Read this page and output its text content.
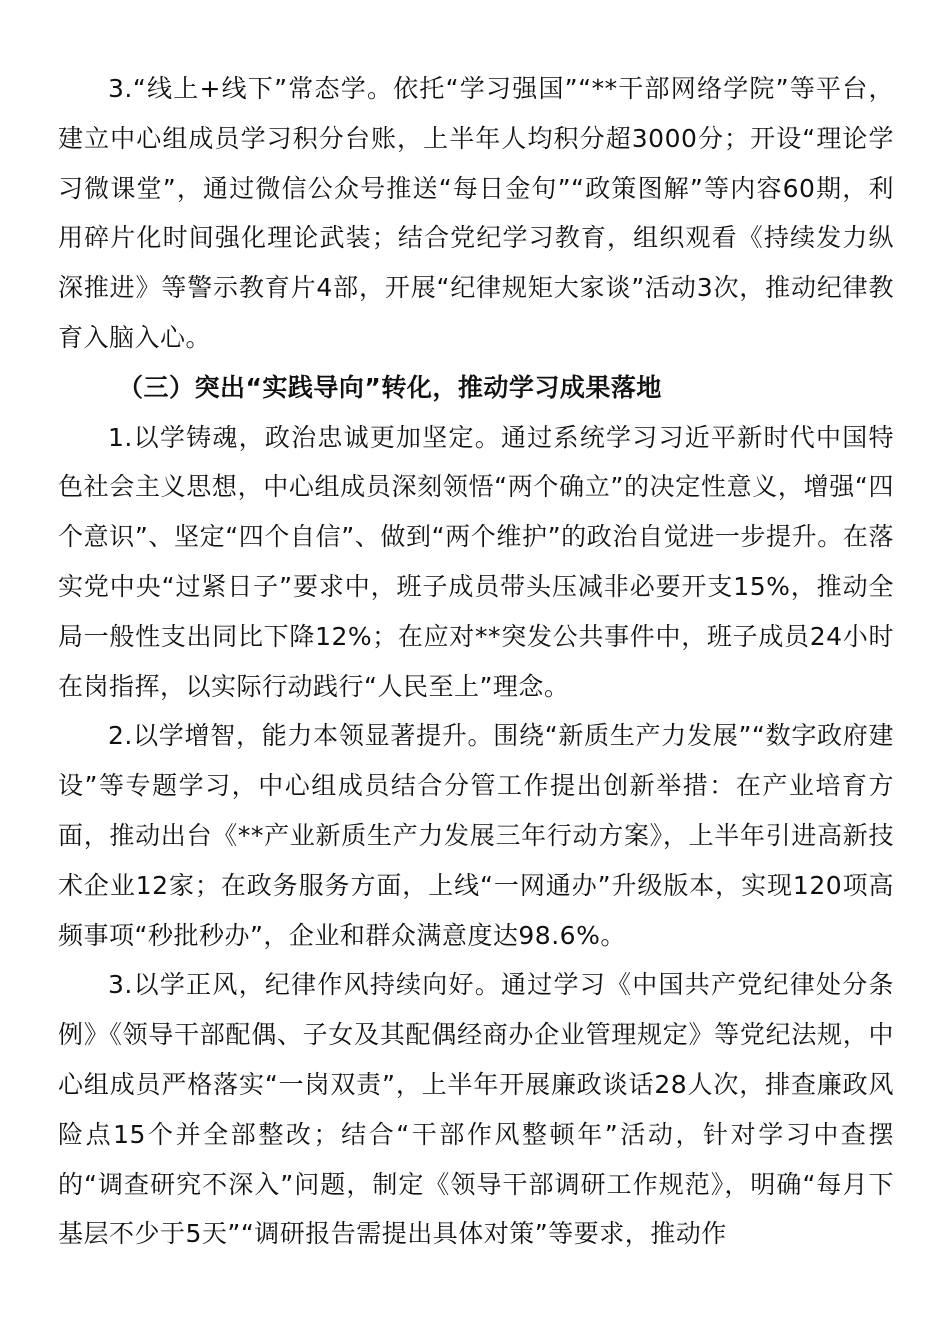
3.“线上+线下”常态学。依托“学习强国”“**干部网络学院”等平台，建立中心组成员学习积分台账，上半年人均积分超3000分；开设“理论学习微课堂”，通过微信公众号推送“每日金句”“政策图解”等内容60期，利用碎片化时间强化理论武装；结合党纪学习教育，组织观看《持续发力纵深推进》等警示教育片4部，开展“纪律规矩大家谈”活动3次，推动纪律教育入脑入心。

（三）突出“实践导向”转化，推动学习成果落地

1.以学铸魂，政治忠诚更加坚定。通过系统学习习近平新时代中国特色社会主义思想，中心组成员深刻领悟“两个确立”的决定性意义，增强“四个意识”、坚定“四个自信”、做到“两个维护”的政治自觉进一步提升。在落实党中央“过紧日子”要求中，班子成员带头压减非必要开支15%，推动全局一般性支出同比下降12%；在应对**突发公共事件中，班子成员24小时在岗指挥，以实际行动践行“人民至上”理念。

2.以学增智，能力本领显著提升。围绕“新质生产力发展”“数字政府建设”等专题学习，中心组成员结合分管工作提出创新举措：在产业培育方面，推动出台《**产业新质生产力发展三年行动方案》，上半年引进高新技术企业12家；在政务服务方面，上线“一网通办”升级版本，实现120项高频事项“秒批秒办”，企业和群众满意度达98.6%。

3.以学正风，纪律作风持续向好。通过学习《中国共产党纪律处分条例》《领导干部配偶、子女及其配偶经商办企业管理规定》等党纪法规，中心组成员严格落实“一岗双责”，上半年开展廉政谈话28人次，排查廉政风险点15个并全部整改；结合“干部作风整顿年”活动，针对学习中查摆的“调查研究不深入”问题，制定《领导干部调研工作规范》，明确“每月下基层不少于5天”“调研报告需提出具体对策”等要求，推动作
